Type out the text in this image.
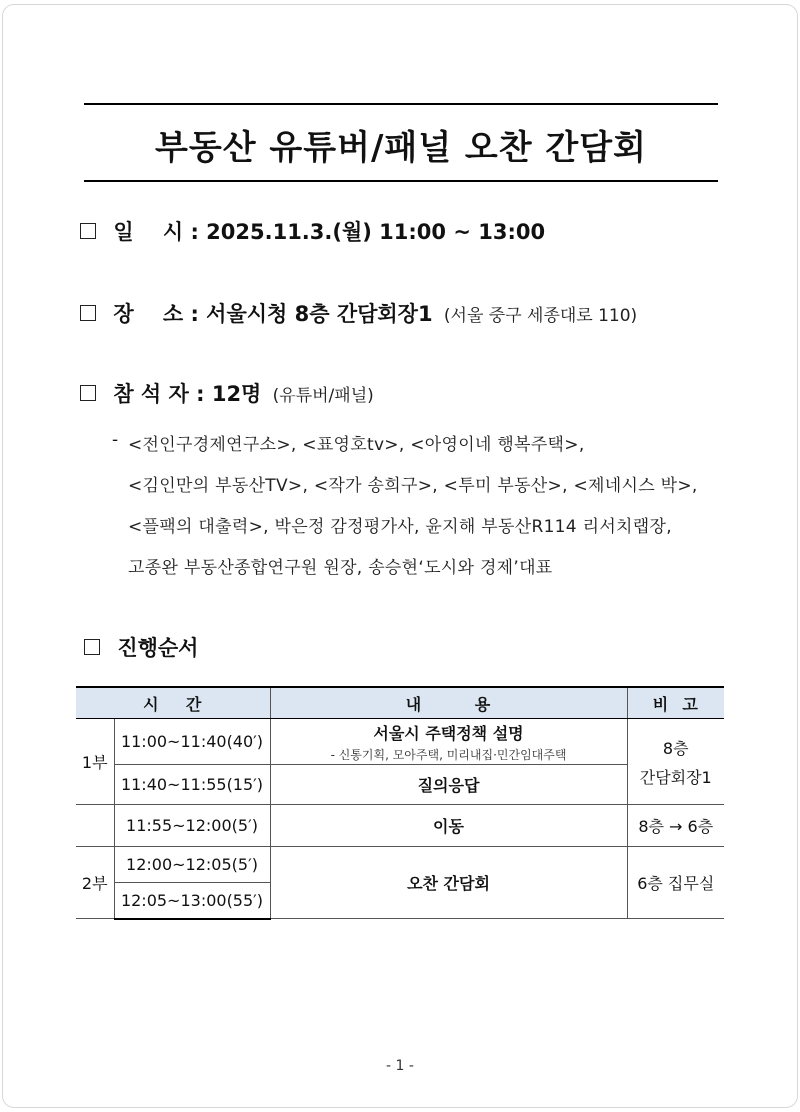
부동산 유튜버/패널 오찬 간담회
일    시 : 2025.11.3.(월) 11:00 ~ 13:00
장    소 : 서울시청 8층 간담회장1 (서울 중구 세종대로 110)
참 석 자 : 12명 (유튜버/패널)
- <전인구경제연구소>, <표영호tv>, <아영이네 행복주택>,
<김인만의 부동산TV>, <작가 송희구>, <투미 부동산>, <제네시스 박>,
<플팩의 대출력>, 박은정 감정평가사, 윤지해 부동산R114 리서치랩장,
고종완 부동산종합연구원 원장, 송승현‘도시와 경제’대표
진행순서
시    간		내        용	비  고
1부	11:00~11:40(40′)	서울시 주택정책 설명
- 신통기획, 모아주택, 미리내집·민간임대주택	8층
간담회장1

	11:40~11:55(15′)	질의응답	
	11:55~12:00(5′)	이동	8층 → 6층
2부	12:00~12:05(5′)	오찬 간담회	6층 집무실
	12:05~13:00(55′)		
- 1 -
